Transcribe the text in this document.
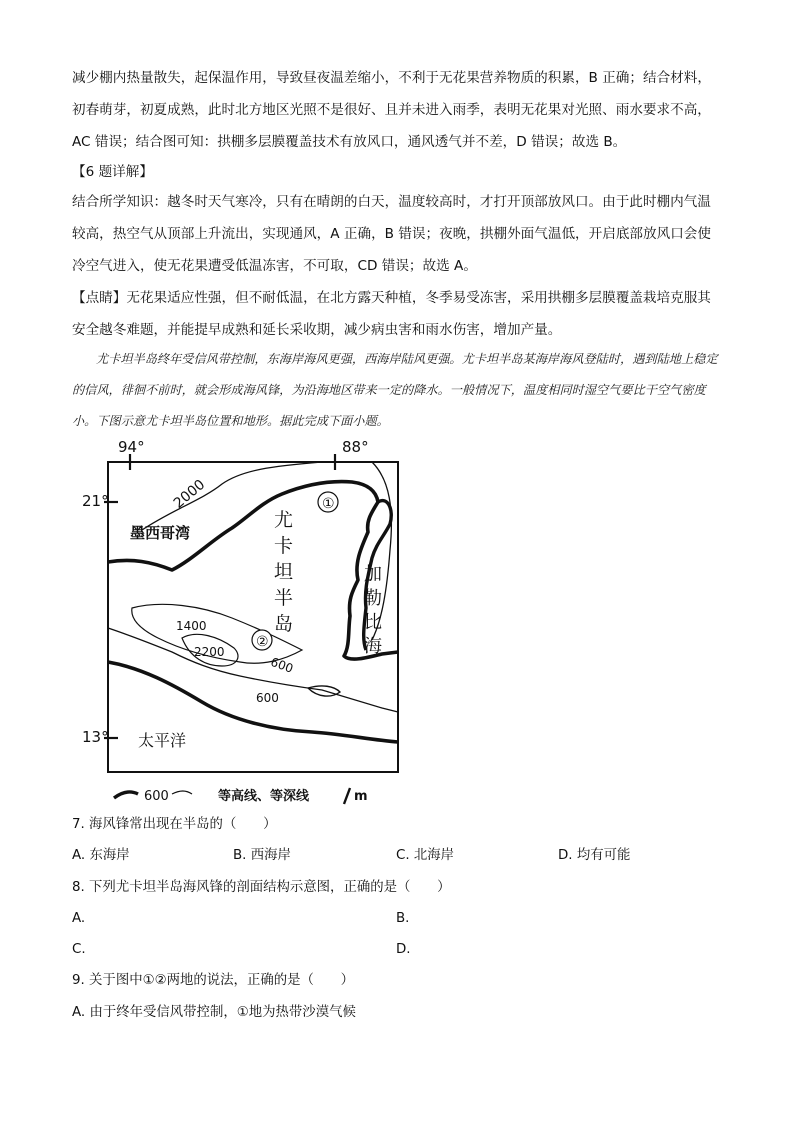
减少棚内热量散失，起保温作用，导致昼夜温差缩小，不利于无花果营养物质的积累，B 正确；结合材料，初春萌芽，初夏成熟，此时北方地区光照不是很好、且并未进入雨季，表明无花果对光照、雨水要求不高，AC 错误；结合图可知：拱棚多层膜覆盖技术有放风口，通风透气并不差，D 错误；故选 B。
【6 题详解】
结合所学知识：越冬时天气寒冷，只有在晴朗的白天，温度较高时，才打开顶部放风口。由于此时棚内气温较高，热空气从顶部上升流出，实现通风，A 正确，B 错误；夜晚，拱棚外面气温低，开启底部放风口会使冷空气进入，使无花果遭受低温冻害，不可取，CD 错误；故选 A。
【点睛】无花果适应性强，但不耐低温，在北方露天种植，冬季易受冻害，采用拱棚多层膜覆盖栽培克服其安全越冬难题，并能提早成熟和延长采收期，减少病虫害和雨水伤害，增加产量。
尤卡坦半岛终年受信风带控制，东海岸海风更强，西海岸陆风更强。尤卡坦半岛某海岸海风登陆时，遇到陆地上稳定的信风，徘徊不前时，就会形成海风锋，为沿海地区带来一定的降水。一般情况下，温度相同时湿空气要比干空气密度小。下图示意尤卡坦半岛位置和地形。据此完成下面小题。
94°	88°
21°
13°
墨西哥湾
2000
尤
卡
坦
半
岛
加
勒
比
海
①
②
1400
2200
600
600
太平洋
600	等高线、等深线	m
7. 海风锋常出现在半岛的（　　）
A. 东海岸	B. 西海岸	C. 北海岸	D. 均有可能
8. 下列尤卡坦半岛海风锋的剖面结构示意图，正确的是（　　）
A.	B.
C.	D.
9. 关于图中①②两地的说法，正确的是（　　）
A. 由于终年受信风带控制，①地为热带沙漠气候
